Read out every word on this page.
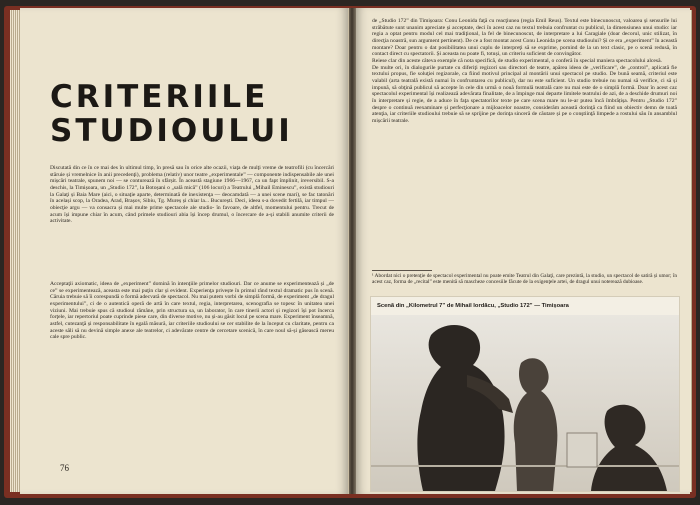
CRITERIILE
STUDIOULUI
Discutată din ce în ce mai des în ultimul timp, în presă sau în orice alte ocazii, viaţa de mulţi vreme de teatrofili (cu încercări stăruie și vremelnice în anii precedenţi), problema (relativ) unor teatre „experimentale” — componente indispensabile ale unei mișcări teatrale, spunem noi — se conturează în sfârșit. În această stagiune 1966—1967, ca un fapt împlinit, ireversibil. S-a deschis, la Timișoara, un „Studio 172”, la Botoșani o „sală mică” (106 locuri) a Teatrului „Mihail Eminescu”, există studiouri la Galaţi și Baia Mare (aici, o situaţie aparte, determinată de inexistenţa — deocamdată — a unei scene mari), se fac tatonări în același scop, la Oradea, Arad, Brașov, Sibiu, Tg. Mureș și chiar la... București. Deci, ideea s-a dovedit fertilă, iar timpul — obiecţie argu — va consacra și mai multe prime spectacole ale studio- în favoare, de altfel, momentului pentru. Trecut de acum își impune chiar în acum, când primele studiouri abia își încep drumul, o încercare de a-și stabili anumite criterii de activitate.
Acceptaţii axiomatic, ideea de „experiment” domină în intenţiile primelor studiouri. Dar ce anume se experimentează și „de ce” se experimentează, aceasta este mai puţin clar și evident. Experienţa privește în primul rând textul dramatic pus în scenă. Căruia trebuie să îi corespundă o formă adecvată de spectacol. Nu mai putem vorbi de simplă formă, de experiment „de dragul experimentului”, ci de o autentică operă de artă în care textul, regia, interpretarea, scenografia se topesc în unitatea unei viziuni. Mai trebuie spus că studioul rămâne, prin structura sa, un laborator, în care tinerii actori și regizori își pot încerca forţele, iar repertoriul poate cuprinde piese care, din diverse motive, nu și-au găsit locul pe scena mare. Experiment înseamnă, astfel, cutezanţă și responsabilitate în egală măsură, iar criteriile studioului se cer stabilite de la început cu claritate, pentru ca aceste săli să nu devină simple anexe ale teatrelor, ci adevărate centre de cercetare scenică, în care noul să-și găsească mereu cale spre public.
76
de „Studio 172” din Timișoara: Conu Leonida faţă cu reacţiunea (regia Emil Reus). Textul este binecunoscut, valoarea și sensurile lui străbătute sunt unanim apreciate și acceptate, deci în acest caz nu textul trebuia confruntat cu publicul, la dimensiunea unui studio: iar regia a optat pentru modul cel mai tradiţional, la fel de binecunoscut, de interpretare a lui Caragiale (doar decorul, unic stilizat, în direcţia noastră, sun argument pertinent). De ce a fost montat acest Conu Leonida pe scena studioului? Și ce era „experiment” în această montare? Doar pentru o dat posibilitatea unui cuplu de interpreţi să se exprime, pornind de la un text clasic, pe o scenă redusă, în contact direct cu spectatorii. Și aceasta nu poate fi, totuși, un criteriu suficient de convingător.
Reiese clar din aceste câteva exemple că nota specifică, de studio experimental, o conferă în special maniera spectacolului alcesă.
De multe ori, în dialogurile purtate cu diferiţi regizori sau directori de teatre, apărea ideea de „verificare”, de „control”, aplicată fie textului propus, fie soluţiei regizorale, ca fiind motivul principal al montării unui spectacol pe studio. De bună seamă, criteriul este valabil (arta teatrală există numai în confruntarea cu publicul), dar nu este suficient. Un studio trebuie nu numai să verifice, ci să și impună, să obţină publicul să accepte în cele din urmă o nouă formulă teatrală care nu mai este de o simplă formă. Doar în acest caz spectacolul experimental își realizează adevărata finalitate, de a împinge mai departe limitele teatrului de azi, de a deschide drumuri noi în interpretare și regie, de a aduce în faţa spectatorilor texte pe care scena mare nu le-ar putea încă îmbrățișa. Pentru „Studio 172” despre o continuă reexaminare și perfecţionare a mijloacelor noastre, considerăm această dorinţă ca fiind un obiectiv demn de toată atenţia, iar criteriile studioului trebuie să se sprijine pe dorinţa sinceră de căutare și pe o conştiinţă limpede a rostului său în ansamblul mișcării teatrale.
¹ Abordat nici o pretenţie de spectacol experimental nu poate emite Teatrul din Galaţi, care prezintă, la studio, un spectacol de satiră și umor; în acest caz, forma de „recital” este menită să mascheze concesiile făcute de la exigenţele artei, de dragul unui noterează dubioase.
Scenă din „Kilometrul 7” de Mihail Iordăcu, „Studio 172” — Timișoara
